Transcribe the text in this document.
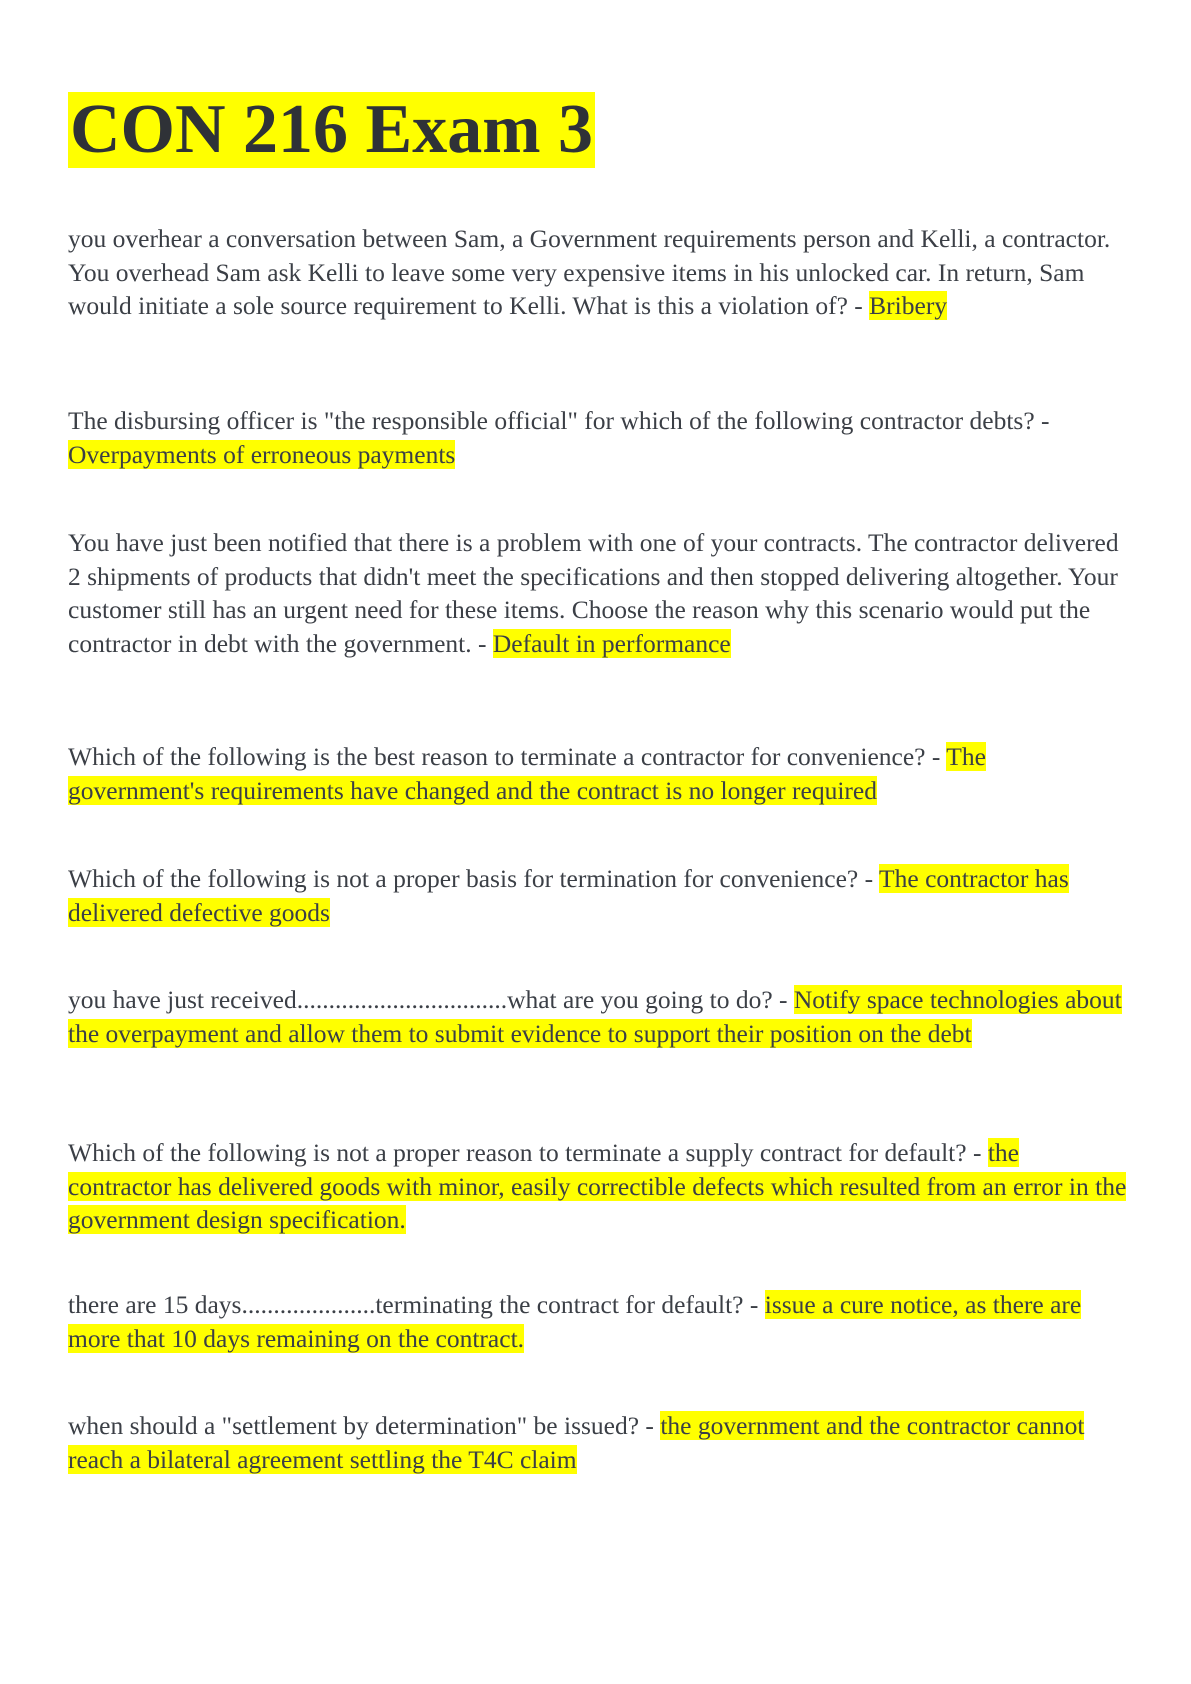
CON 216 Exam 3

you overhear a conversation between Sam, a Government requirements person and Kelli, a contractor. You overhead Sam ask Kelli to leave some very expensive items in his unlocked car. In return, Sam would initiate a sole source requirement to Kelli. What is this a violation of? - Bribery

The disbursing officer is "the responsible official" for which of the following contractor debts? - Overpayments of erroneous payments

You have just been notified that there is a problem with one of your contracts. The contractor delivered 2 shipments of products that didn't meet the specifications and then stopped delivering altogether. Your customer still has an urgent need for these items. Choose the reason why this scenario would put the contractor in debt with the government. - Default in performance

Which of the following is the best reason to terminate a contractor for convenience? - The government's requirements have changed and the contract is no longer required

Which of the following is not a proper basis for termination for convenience? - The contractor has delivered defective goods

you have just received.................................what are you going to do? - Notify space technologies about the overpayment and allow them to submit evidence to support their position on the debt

Which of the following is not a proper reason to terminate a supply contract for default? - the contractor has delivered goods with minor, easily correctible defects which resulted from an error in the government design specification.

there are 15 days.....................terminating the contract for default? - issue a cure notice, as there are more that 10 days remaining on the contract.

when should a "settlement by determination" be issued? - the government and the contractor cannot reach a bilateral agreement settling the T4C claim
